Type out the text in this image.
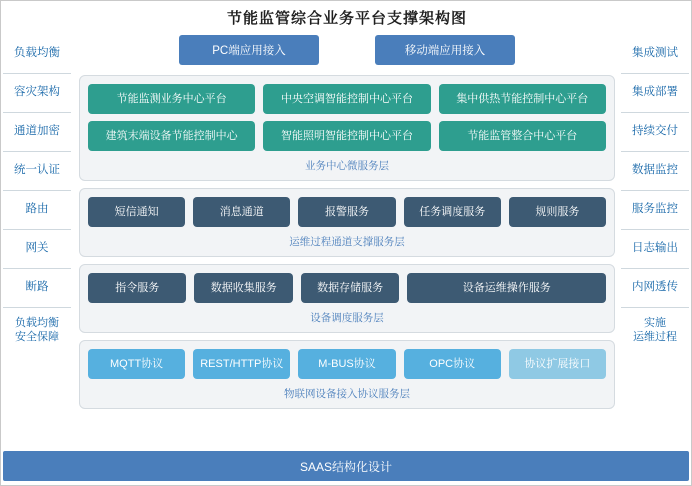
节能监管综合业务平台支撑架构图
负载均衡
容灾架构
通道加密
统一认证
路由
网关
断路
负载均衡
安全保障
集成测试
集成部署
持续交付
数据监控
服务监控
日志输出
内网透传
实施
运维过程
PC端应用接入	移动端应用接入
节能监测业务中心平台	中央空调智能控制中心平台	集中供热节能控制中心平台
建筑末端设备节能控制中心	智能照明智能控制中心平台	节能监管整合中心平台
业务中心微服务层
短信通知	消息通道	报警服务	任务调度服务	规则服务
运维过程通道支撑服务层
指令服务	数据收集服务	数据存储服务	设备运维操作服务
设备调度服务层
MQTT协议	REST/HTTP协议	M-BUS协议	OPC协议	协议扩展接口
物联网设备接入协议服务层
SAAS结构化设计
